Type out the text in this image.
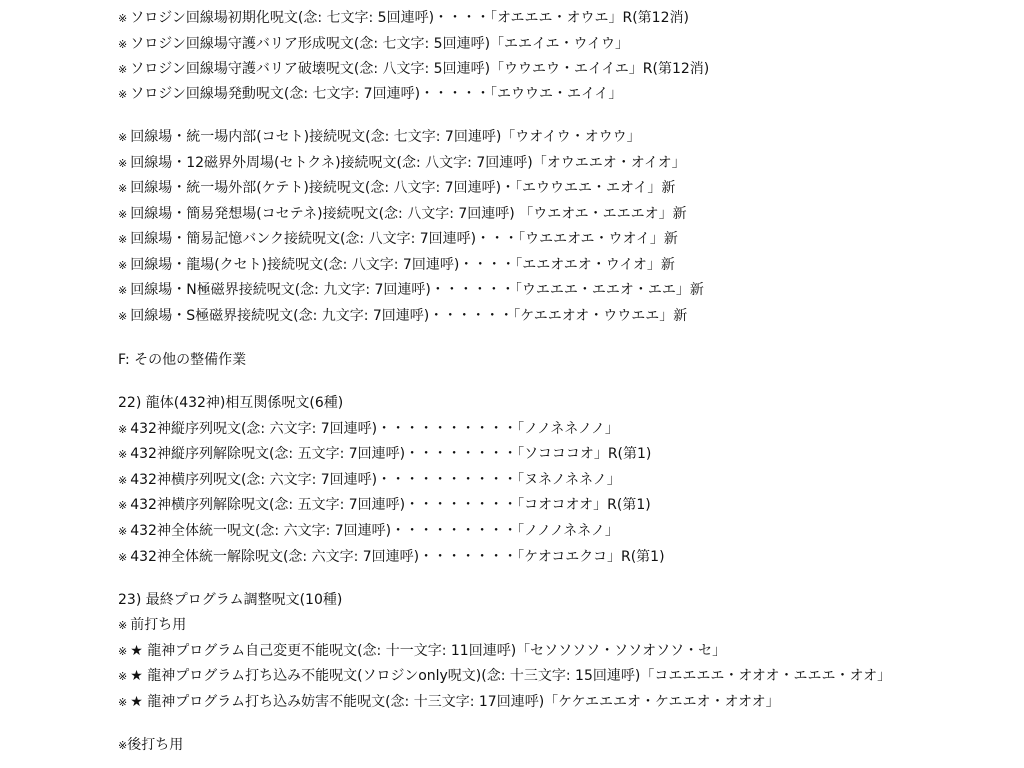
※ ソロジン回線場初期化呪文(念: 七文字: 5回連呼)・・・・「オエエエ・オウエ」R(第12消)
※ ソロジン回線場守護バリア形成呪文(念: 七文字: 5回連呼)「エエイエ・ウイウ」
※ ソロジン回線場守護バリア破壊呪文(念: 八文字: 5回連呼)「ウウエウ・エイイエ」R(第12消)
※ ソロジン回線場発動呪文(念: 七文字: 7回連呼)・・・・・「エウウエ・エイイ」
※ 回線場・統一場内部(コセト)接続呪文(念: 七文字: 7回連呼)「ウオイウ・オウウ」
※ 回線場・12磁界外周場(セトクネ)接続呪文(念: 八文字: 7回連呼)「オウエエオ・オイオ」
※ 回線場・統一場外部(ケテト)接続呪文(念: 八文字: 7回連呼)・「エウウエエ・エオイ」新
※ 回線場・簡易発想場(コセテネ)接続呪文(念: 八文字: 7回連呼) 「ウエオエ・エエエオ」新
※ 回線場・簡易記憶バンク接続呪文(念: 八文字: 7回連呼)・・・「ウエエオエ・ウオイ」新
※ 回線場・龍場(クセト)接続呪文(念: 八文字: 7回連呼)・・・・「エエオエオ・ウイオ」新
※ 回線場・N極磁界接続呪文(念: 九文字: 7回連呼)・・・・・・「ウエエエ・エエオ・エエ」新
※ 回線場・S極磁界接続呪文(念: 九文字: 7回連呼)・・・・・・「ケエエオオ・ウウエエ」新
F: その他の整備作業
22) 龍体(432神)相互関係呪文(6種)
※ 432神縦序列呪文(念: 六文字: 7回連呼)・・・・・・・・・・「ノノネネノノ」
※ 432神縦序列解除呪文(念: 五文字: 7回連呼)・・・・・・・・「ソコココオ」R(第1)
※ 432神横序列呪文(念: 六文字: 7回連呼)・・・・・・・・・・「ヌネノネネノ」
※ 432神横序列解除呪文(念: 五文字: 7回連呼)・・・・・・・・「コオコオオ」R(第1)
※ 432神全体統一呪文(念: 六文字: 7回連呼)・・・・・・・・・「ノノノネネノ」
※ 432神全体統一解除呪文(念: 六文字: 7回連呼)・・・・・・・「ケオコエクコ」R(第1)
23) 最終プログラム調整呪文(10種)
※ 前打ち用
※ ★ 龍神プログラム自己変更不能呪文(念: 十一文字: 11回連呼)「セソソソソ・ソソオソソ・セ」
※ ★ 龍神プログラム打ち込み不能呪文(ソロジンonly呪文)(念: 十三文字: 15回連呼)「コエエエエ・オオオ・エエエ・オオ」
※ ★ 龍神プログラム打ち込み妨害不能呪文(念: 十三文字: 17回連呼)「ケケエエエオ・ケエエオ・オオオ」
※後打ち用
